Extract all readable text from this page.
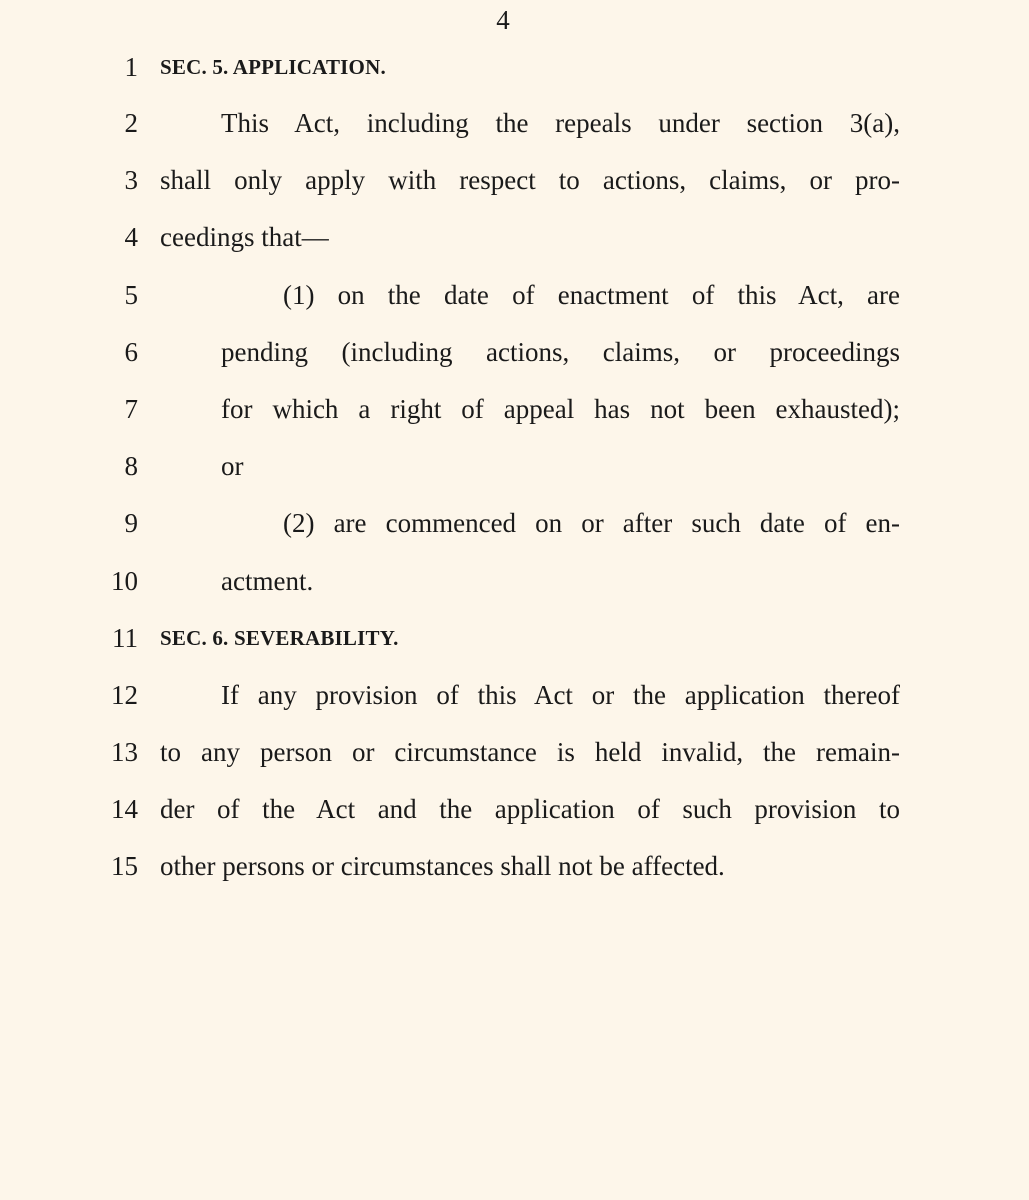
4
1 SEC. 5. APPLICATION.
2	This Act, including the repeals under section 3(a),
3 shall only apply with respect to actions, claims, or pro-
4 ceedings that—
5	(1) on the date of enactment of this Act, are
6	pending (including actions, claims, or proceedings
7	for which a right of appeal has not been exhausted);
8	or
9	(2) are commenced on or after such date of en-
10	actment.
11 SEC. 6. SEVERABILITY.
12	If any provision of this Act or the application thereof
13 to any person or circumstance is held invalid, the remain-
14 der of the Act and the application of such provision to
15 other persons or circumstances shall not be affected.
